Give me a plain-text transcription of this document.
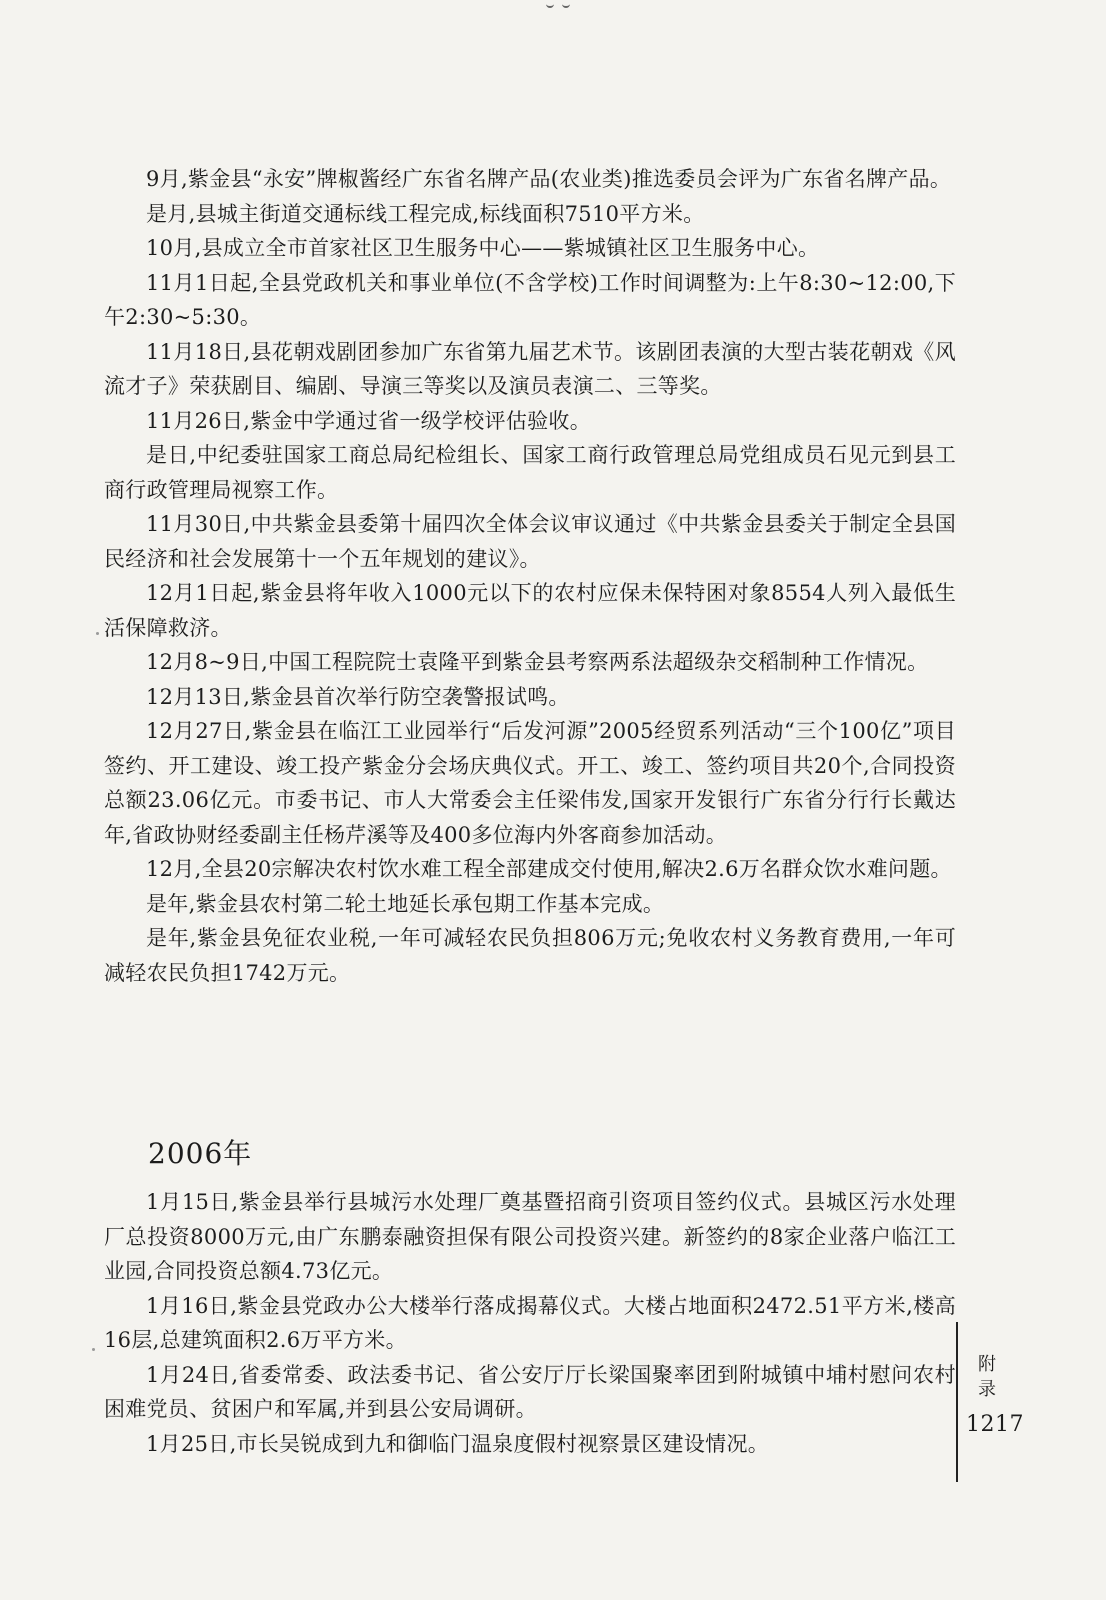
9月,紫金县“永安”牌椒酱经广东省名牌产品(农业类)推选委员会评为广东省名牌产品。

是月,县城主街道交通标线工程完成,标线面积7510平方米。

10月,县成立全市首家社区卫生服务中心——紫城镇社区卫生服务中心。

11月1日起,全县党政机关和事业单位(不含学校)工作时间调整为:上午8:30~12:00,下午2:30~5:30。

11月18日,县花朝戏剧团参加广东省第九届艺术节。该剧团表演的大型古装花朝戏《风流才子》荣获剧目、编剧、导演三等奖以及演员表演二、三等奖。

11月26日,紫金中学通过省一级学校评估验收。

是日,中纪委驻国家工商总局纪检组长、国家工商行政管理总局党组成员石见元到县工商行政管理局视察工作。

11月30日,中共紫金县委第十届四次全体会议审议通过《中共紫金县委关于制定全县国民经济和社会发展第十一个五年规划的建议》。

12月1日起,紫金县将年收入1000元以下的农村应保未保特困对象8554人列入最低生活保障救济。

12月8~9日,中国工程院院士袁隆平到紫金县考察两系法超级杂交稻制种工作情况。

12月13日,紫金县首次举行防空袭警报试鸣。

12月27日,紫金县在临江工业园举行“后发河源”2005经贸系列活动“三个100亿”项目签约、开工建设、竣工投产紫金分会场庆典仪式。开工、竣工、签约项目共20个,合同投资总额23.06亿元。市委书记、市人大常委会主任梁伟发,国家开发银行广东省分行行长戴达年,省政协财经委副主任杨芹溪等及400多位海内外客商参加活动。

12月,全县20宗解决农村饮水难工程全部建成交付使用,解决2.6万名群众饮水难问题。

是年,紫金县农村第二轮土地延长承包期工作基本完成。

是年,紫金县免征农业税,一年可减轻农民负担806万元;免收农村义务教育费用,一年可减轻农民负担1742万元。

2006年

1月15日,紫金县举行县城污水处理厂奠基暨招商引资项目签约仪式。县城区污水处理厂总投资8000万元,由广东鹏泰融资担保有限公司投资兴建。新签约的8家企业落户临江工业园,合同投资总额4.73亿元。

1月16日,紫金县党政办公大楼举行落成揭幕仪式。大楼占地面积2472.51平方米,楼高16层,总建筑面积2.6万平方米。

1月24日,省委常委、政法委书记、省公安厅厅长梁国聚率团到附城镇中埔村慰问农村困难党员、贫困户和军属,并到县公安局调研。

1月25日,市长吴锐成到九和御临门温泉度假村视察景区建设情况。

附录

1217
